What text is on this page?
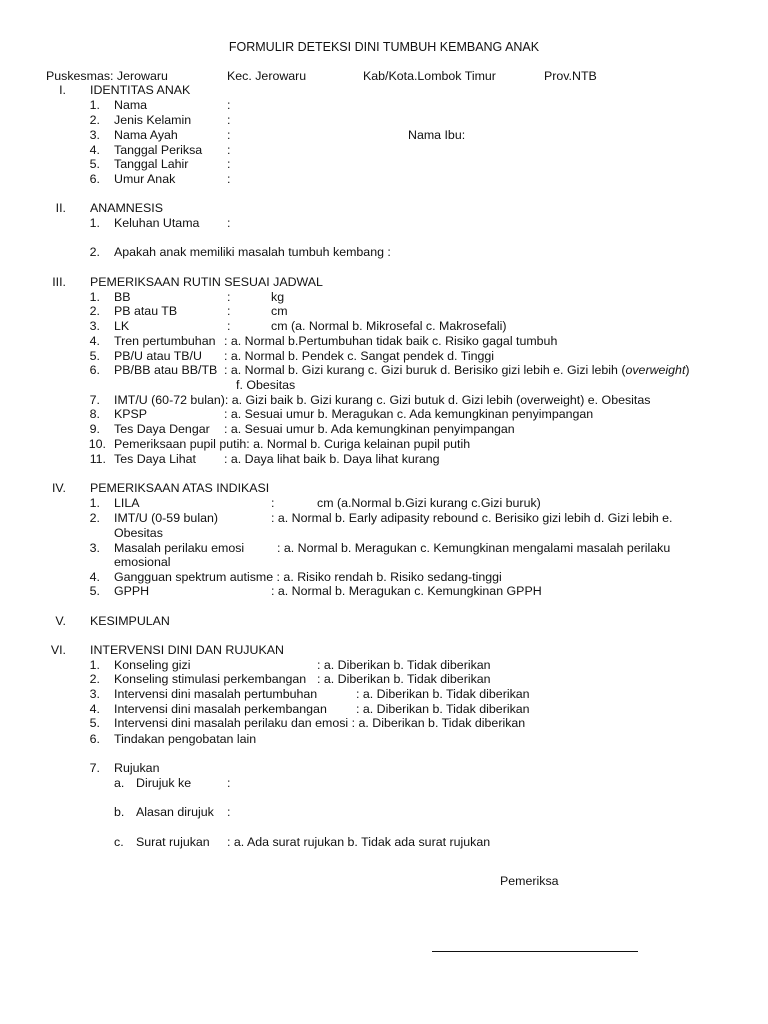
FORMULIR DETEKSI DINI TUMBUH KEMBANG ANAK
Puskesmas: Jerowaru	Kec. Jerowaru	Kab/Kota.Lombok Timur	Prov.NTB
I. IDENTITAS ANAK
1. Nama	:
2. Jenis Kelamin	:
3. Nama Ayah	:	Nama Ibu:
4. Tanggal Periksa :
5. Tanggal Lahir	:
6. Umur Anak	:
II. ANAMNESIS
1. Keluhan Utama :
2. Apakah anak memiliki masalah tumbuh kembang :
III. PEMERIKSAAN RUTIN SESUAI JADWAL
1. BB	:	kg
2. PB atau TB	:	cm
3. LK	:	cm (a. Normal b. Mikrosefal c. Makrosefali)
4. Tren pertumbuhan : a. Normal b.Pertumbuhan tidak baik c. Risiko gagal tumbuh
5. PB/U atau TB/U : a. Normal b. Pendek c. Sangat pendek d. Tinggi
6. PB/BB atau BB/TB : a. Normal b. Gizi kurang c. Gizi buruk d. Berisiko gizi lebih e. Gizi lebih (overweight)
f. Obesitas
7. IMT/U (60-72 bulan): a. Gizi baik b. Gizi kurang c. Gizi butuk d. Gizi lebih (overweight) e. Obesitas
8. KPSP	: a. Sesuai umur b. Meragukan c. Ada kemungkinan penyimpangan
9. Tes Daya Dengar : a. Sesuai umur b. Ada kemungkinan penyimpangan
10. Pemeriksaan pupil putih: a. Normal b. Curiga kelainan pupil putih
11. Tes Daya Lihat : a. Daya lihat baik b. Daya lihat kurang
IV. PEMERIKSAAN ATAS INDIKASI
1. LILA	:	cm (a.Normal b.Gizi kurang c.Gizi buruk)
2. IMT/U (0-59 bulan)	: a. Normal b. Early adipasity rebound c. Berisiko gizi lebih d. Gizi lebih e.
Obesitas
3. Masalah perilaku emosi	: a. Normal b. Meragukan c. Kemungkinan mengalami masalah perilaku
emosional
4. Gangguan spektrum autisme : a. Risiko rendah b. Risiko sedang-tinggi
5. GPPH	: a. Normal b. Meragukan c. Kemungkinan GPPH
V. KESIMPULAN
VI. INTERVENSI DINI DAN RUJUKAN
1. Konseling gizi	: a. Diberikan b. Tidak diberikan
2. Konseling stimulasi perkembangan : a. Diberikan b. Tidak diberikan
3. Intervensi dini masalah pertumbuhan	: a. Diberikan b. Tidak diberikan
4. Intervensi dini masalah perkembangan : a. Diberikan b. Tidak diberikan
5. Intervensi dini masalah perilaku dan emosi : a. Diberikan b. Tidak diberikan
6. Tindakan pengobatan lain
7. Rujukan
a. Dirujuk ke	:
b. Alasan dirujuk :
c. Surat rujukan : a. Ada surat rujukan b. Tidak ada surat rujukan
Pemeriksa
